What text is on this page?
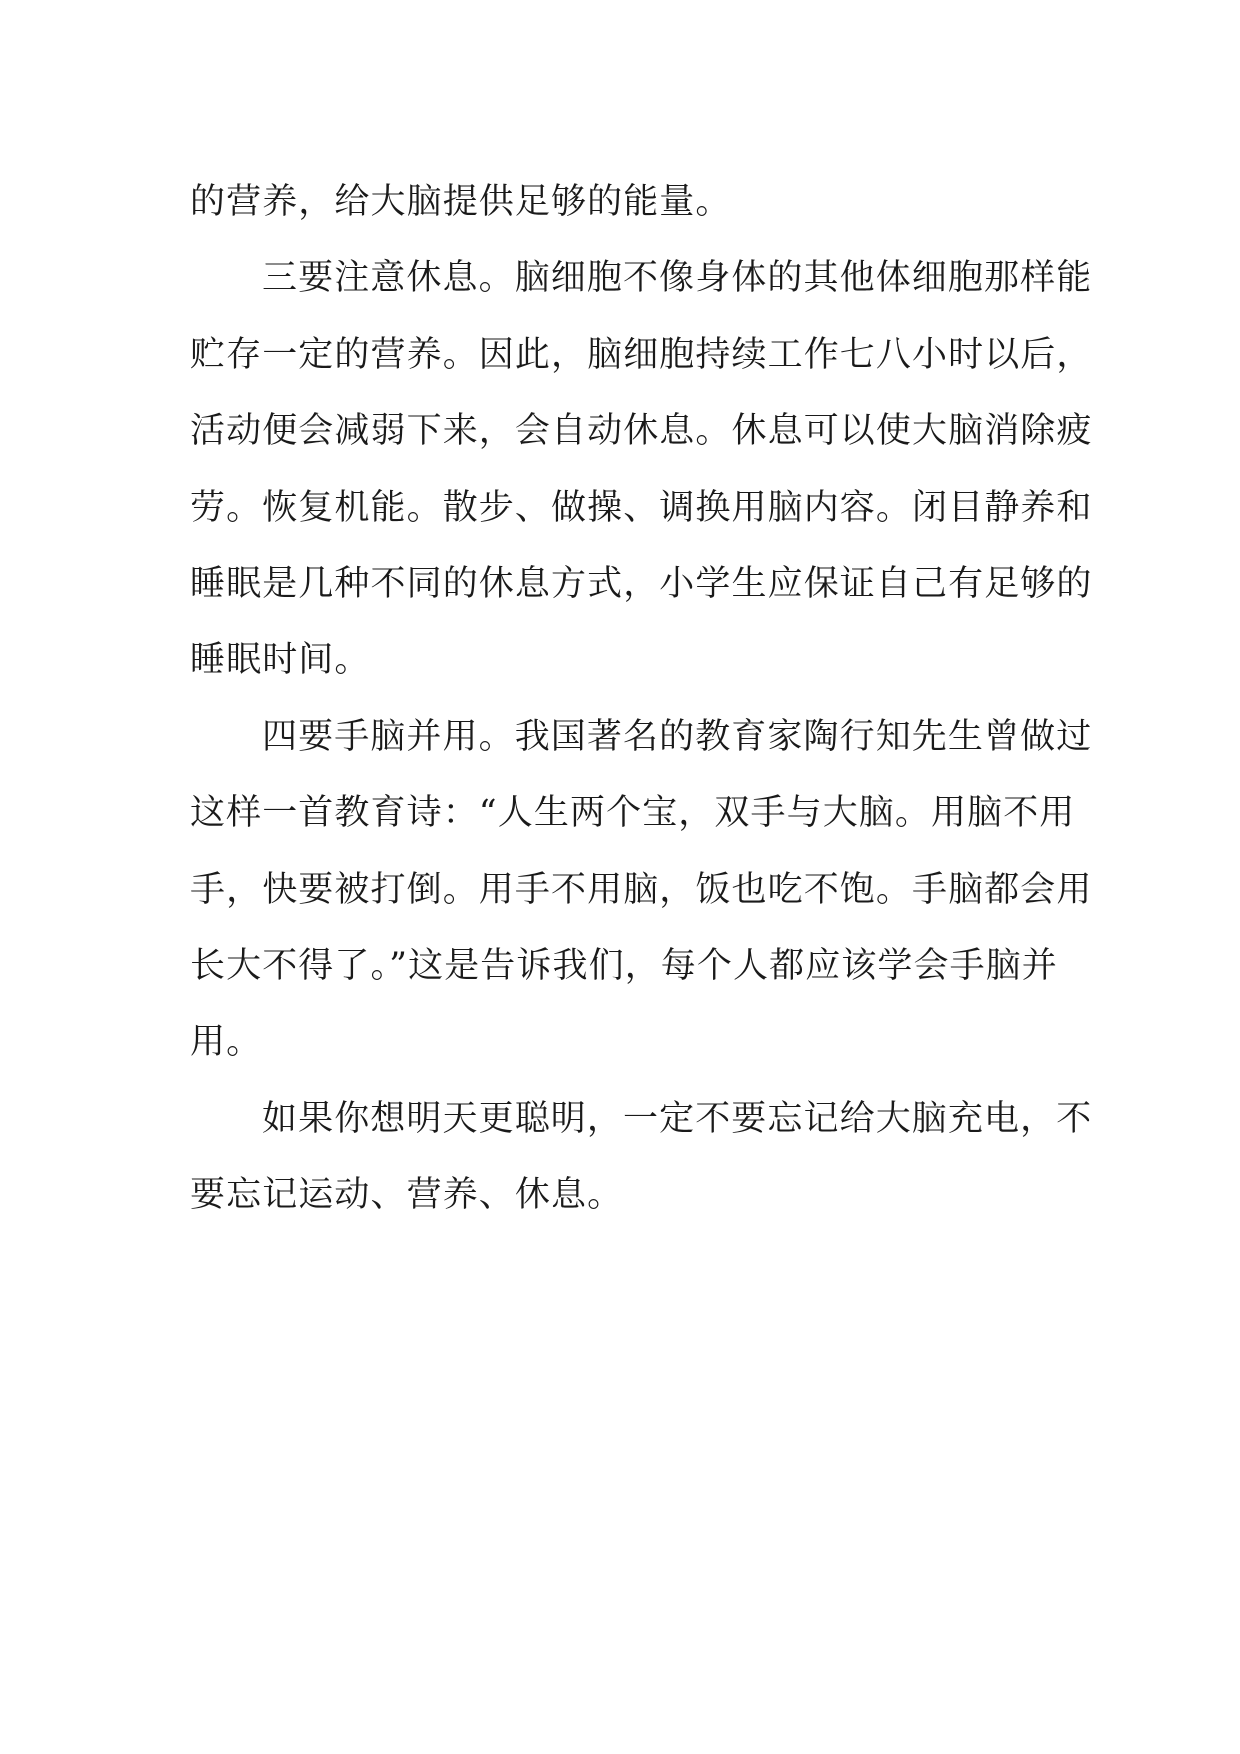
的营养，给大脑提供足够的能量。
三要注意休息。脑细胞不像身体的其他体细胞那样能
贮存一定的营养。因此，脑细胞持续工作七八小时以后，
活动便会减弱下来，会自动休息。休息可以使大脑消除疲
劳。恢复机能。散步、做操、调换用脑内容。闭目静养和
睡眠是几种不同的休息方式，小学生应保证自己有足够的
睡眠时间。
四要手脑并用。我国著名的教育家陶行知先生曾做过
这样一首教育诗：“人生两个宝，双手与大脑。用脑不用
手，快要被打倒。用手不用脑，饭也吃不饱。手脑都会用
长大不得了。”这是告诉我们，每个人都应该学会手脑并
用。
如果你想明天更聪明，一定不要忘记给大脑充电，不
要忘记运动、营养、休息。
